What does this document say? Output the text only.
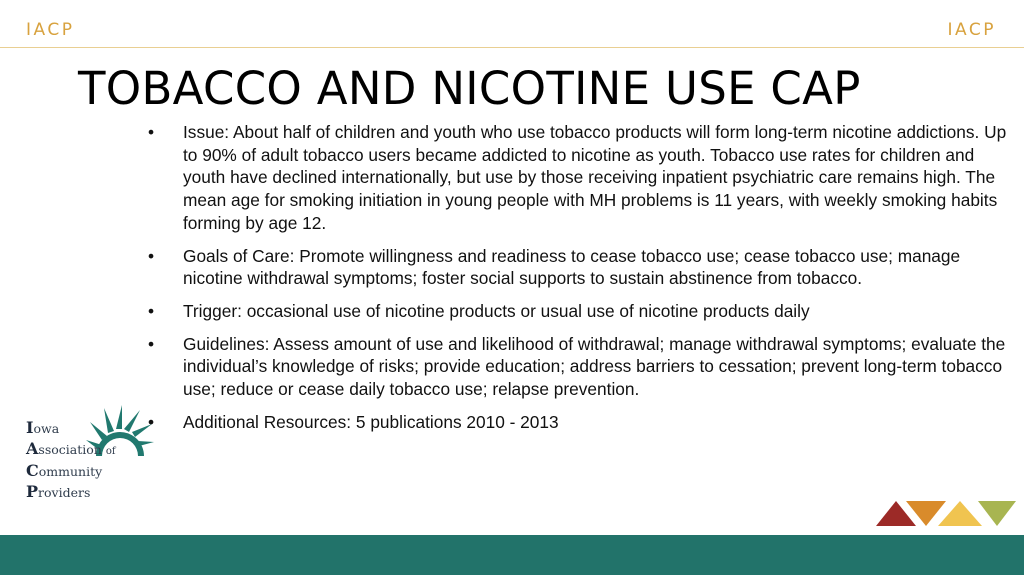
IACP	IACP
TOBACCO AND NICOTINE USE CAP
• Issue: About half of children and youth who use tobacco products will form long-term nicotine addictions. Up to 90% of adult tobacco users became addicted to nicotine as youth. Tobacco use rates for children and youth have declined internationally, but use by those receiving inpatient psychiatric care remains high. The mean age for smoking initiation in young people with MH problems is 11 years, with weekly smoking habits forming by age 12.
• Goals of Care: Promote willingness and readiness to cease tobacco use; cease tobacco use; manage nicotine withdrawal symptoms; foster social supports to sustain abstinence from tobacco.
• Trigger: occasional use of nicotine products or usual use of nicotine products daily
• Guidelines: Assess amount of use and likelihood of withdrawal; manage withdrawal symptoms; evaluate the individual’s knowledge of risks; provide education; address barriers to cessation; prevent long-term tobacco use; reduce or cease daily tobacco use; relapse prevention.
• Additional Resources: 5 publications 2010 - 2013
Iowa
Association of
Community
Providers
